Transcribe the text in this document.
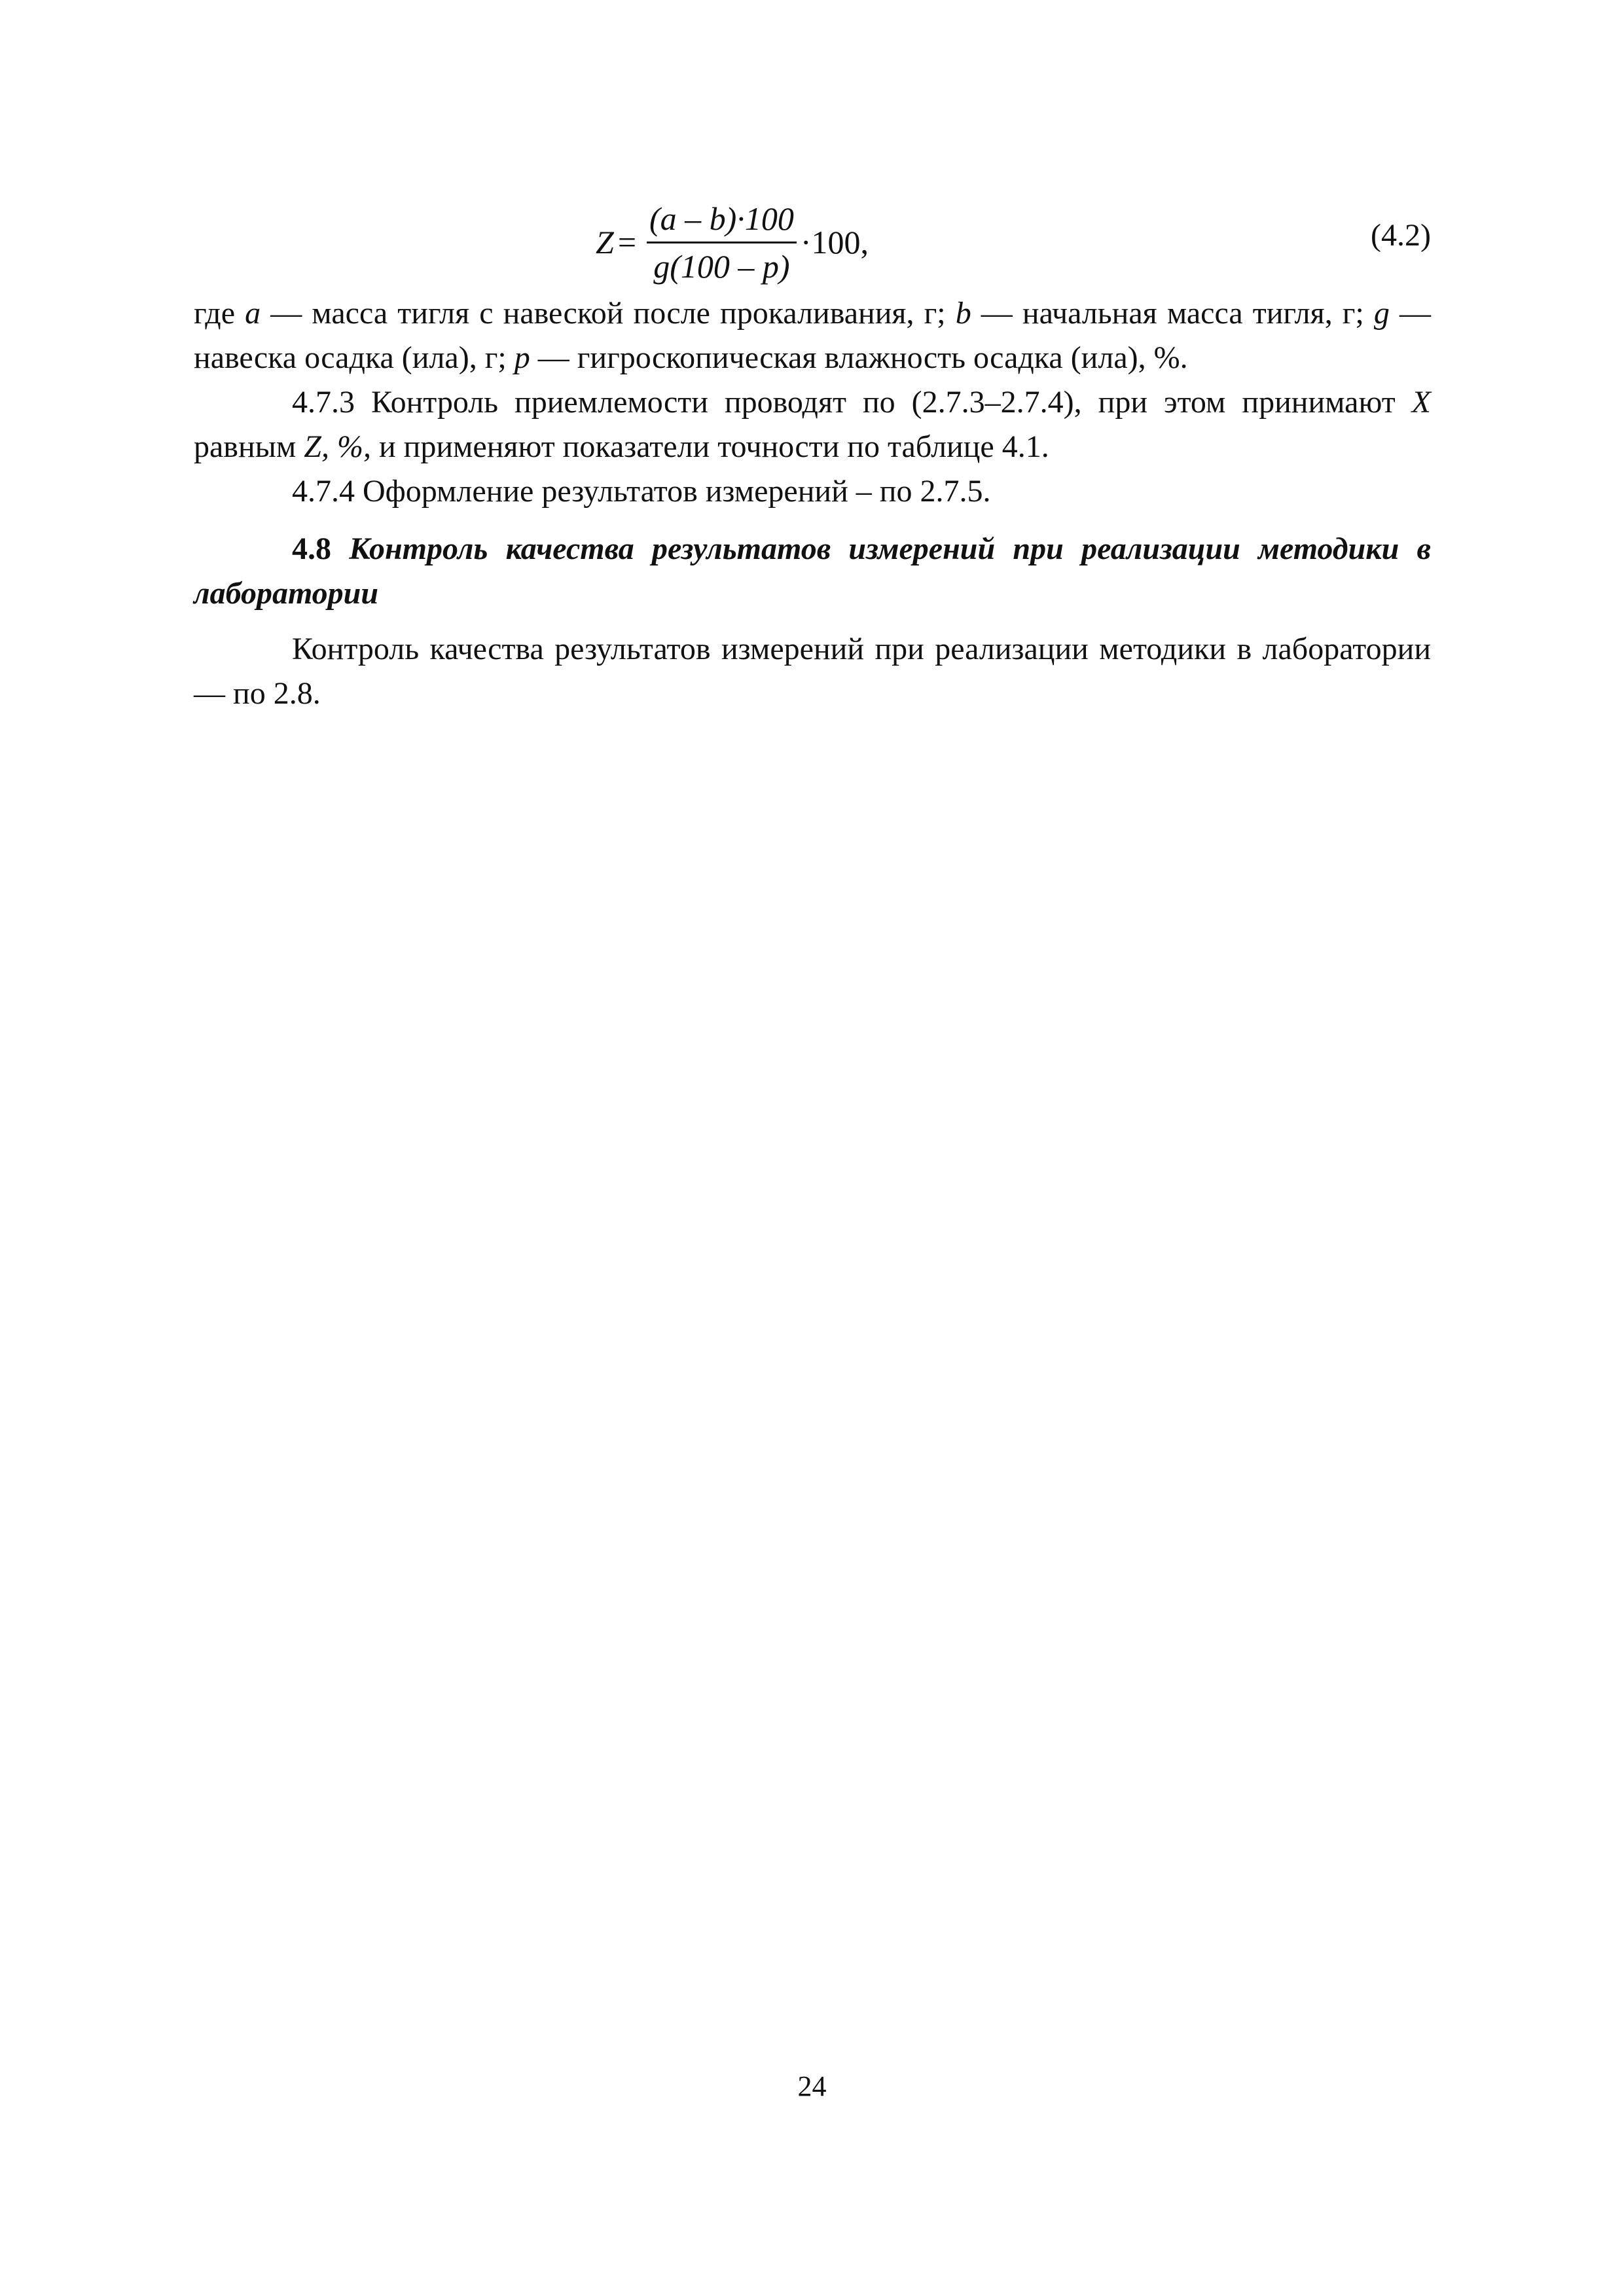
$Z = \frac{(a - b)\cdot 100}{g(100 - p)} \cdot 100$ ,	(4.2)

где a — масса тигля с навеской после прокаливания, г; b — начальная масса тигля, г; g — навеска осадка (ила), г; p — гигроскопическая влажность осадка (ила), %.

4.7.3 Контроль приемлемости проводят по (2.7.3–2.7.4), при этом принимают X равным Z, %, и применяют показатели точности по таблице 4.1.

4.7.4 Оформление результатов измерений – по 2.7.5.

4.8 Контроль качества результатов измерений при реализации методики в лаборатории

Контроль качества результатов измерений при реализации методики в лаборатории — по 2.8.

24
